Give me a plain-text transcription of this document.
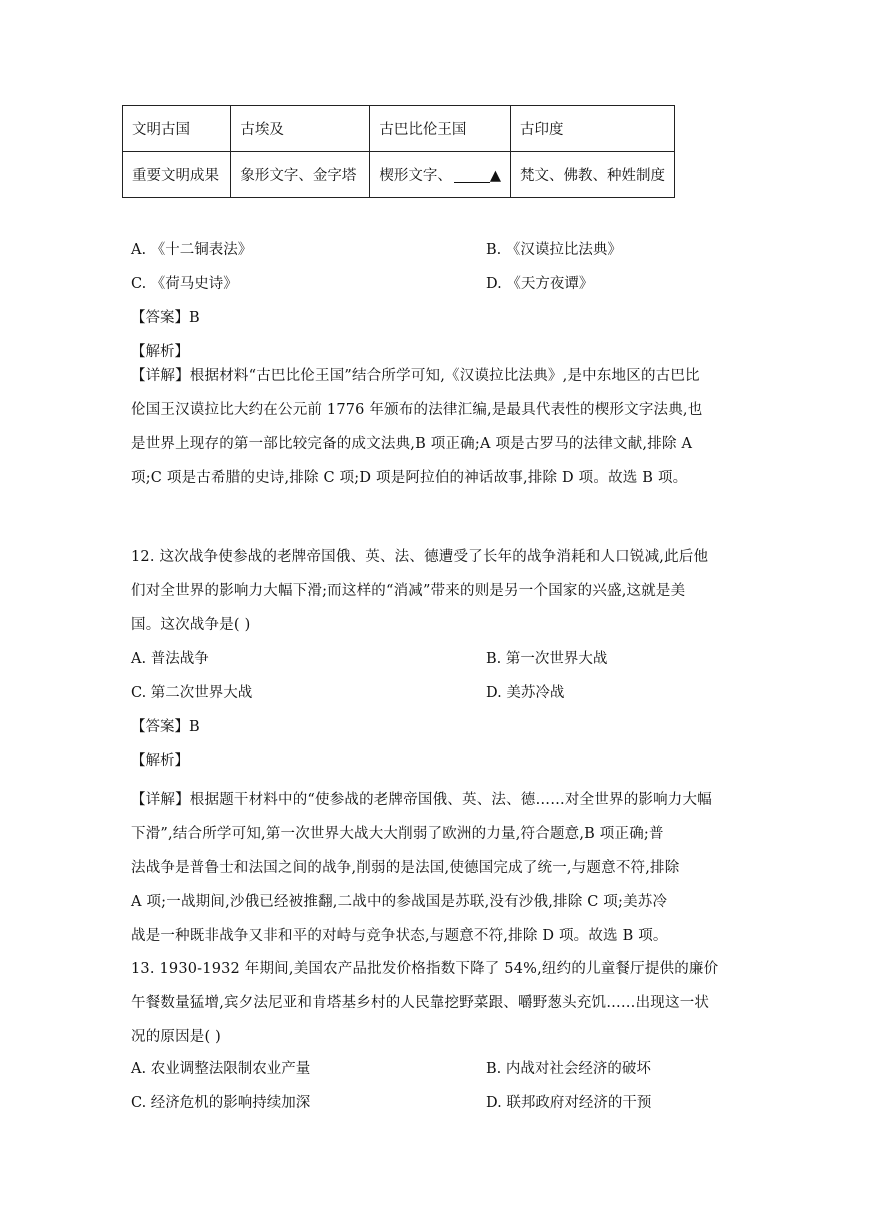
文明古国	古埃及	古巴比伦王国	古印度
重要文明成果	象形文字、金字塔	楔形文字、 ▲	梵文、佛教、种姓制度
A. 《十二铜表法》	B. 《汉谟拉比法典》
C. 《荷马史诗》	D. 《天方夜谭》
【答案】B
【解析】
【详解】根据材料“古巴比伦王国”结合所学可知,《汉谟拉比法典》,是中东地区的古巴比
伦国王汉谟拉比大约在公元前 1776 年颁布的法律汇编,是最具代表性的楔形文字法典,也
是世界上现存的第一部比较完备的成文法典,B 项正确;A 项是古罗马的法律文献,排除 A
项;C 项是古希腊的史诗,排除 C 项;D 项是阿拉伯的神话故事,排除 D 项。故选 B 项。
12. 这次战争使参战的老牌帝国俄、英、法、德遭受了长年的战争消耗和人口锐减,此后他
们对全世界的影响力大幅下滑;而这样的“消减”带来的则是另一个国家的兴盛,这就是美
国。这次战争是( )
A. 普法战争	B. 第一次世界大战
C. 第二次世界大战	D. 美苏冷战
【答案】B
【解析】
【详解】根据题干材料中的“使参战的老牌帝国俄、英、法、德……对全世界的影响力大幅
下滑”,结合所学可知,第一次世界大战大大削弱了欧洲的力量,符合题意,B 项正确;普
法战争是普鲁士和法国之间的战争,削弱的是法国,使德国完成了统一,与题意不符,排除
A 项;一战期间,沙俄已经被推翻,二战中的参战国是苏联,没有沙俄,排除 C 项;美苏冷
战是一种既非战争又非和平的对峙与竞争状态,与题意不符,排除 D 项。故选 B 项。
13. 1930-1932 年期间,美国农产品批发价格指数下降了 54%,纽约的儿童餐厅提供的廉价
午餐数量猛增,宾夕法尼亚和肯塔基乡村的人民靠挖野菜跟、嚼野葱头充饥……出现这一状
况的原因是( )
A. 农业调整法限制农业产量	B. 内战对社会经济的破坏
C. 经济危机的影响持续加深	D. 联邦政府对经济的干预
